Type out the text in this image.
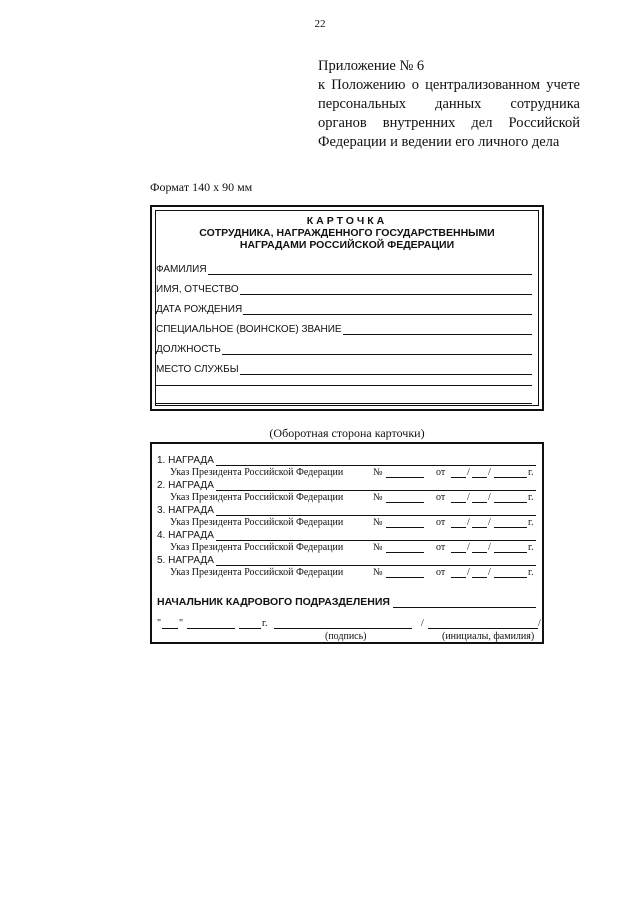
22
Приложение № 6
к Положению о централизованном учете персональных данных сотрудника органов внутренних дел Российской Федерации и ведении его личного дела
Формат 140 х 90 мм
КАРТОЧКА
СОТРУДНИКА, НАГРАЖДЕННОГО ГОСУДАРСТВЕННЫМИ
НАГРАДАМИ РОССИЙСКОЙ ФЕДЕРАЦИИ
ФАМИЛИЯ
ИМЯ, ОТЧЕСТВО
ДАТА РОЖДЕНИЯ
СПЕЦИАЛЬНОЕ (ВОИНСКОЕ) ЗВАНИЕ
ДОЛЖНОСТЬ
МЕСТО СЛУЖБЫ
(Оборотная сторона карточки)
1. НАГРАДА
Указ Президента Российской Федерации	№	от / /	г.
2. НАГРАДА
Указ Президента Российской Федерации	№	от / /	г.
3. НАГРАДА
Указ Президента Российской Федерации	№	от / /	г.
4. НАГРАДА
Указ Президента Российской Федерации	№	от / /	г.
5. НАГРАДА
Указ Президента Российской Федерации	№	от / /	г.
НАЧАЛЬНИК КАДРОВОГО ПОДРАЗДЕЛЕНИЯ
" "	г.	/	/
(подпись)	(инициалы, фамилия)
